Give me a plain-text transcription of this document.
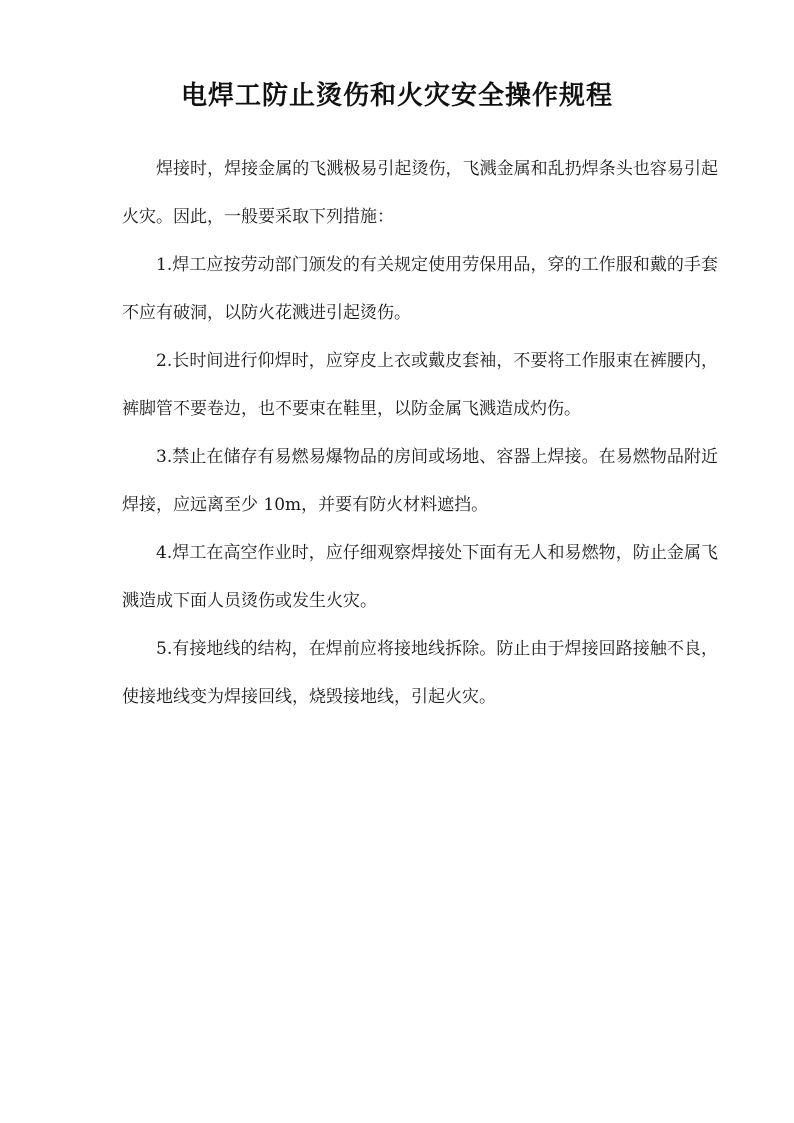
电焊工防止烫伤和火灾安全操作规程

焊接时，焊接金属的飞溅极易引起烫伤，飞溅金属和乱扔焊条头也容易引起 火灾。因此，一般要采取下列措施：

1.焊工应按劳动部门颁发的有关规定使用劳保用品，穿的工作服和戴的手套 不应有破洞，以防火花溅进引起烫伤。

2.长时间进行仰焊时，应穿皮上衣或戴皮套袖，不要将工作服束在裤腰内， 裤脚管不要卷边，也不要束在鞋里，以防金属飞溅造成灼伤。

3.禁止在储存有易燃易爆物品的房间或场地、容器上焊接。在易燃物品附近 焊接，应远离至少 10m，并要有防火材料遮挡。

4.焊工在高空作业时，应仔细观察焊接处下面有无人和易燃物，防止金属飞 溅造成下面人员烫伤或发生火灾。

5.有接地线的结构，在焊前应将接地线拆除。防止由于焊接回路接触不良， 使接地线变为焊接回线，烧毁接地线，引起火灾。
